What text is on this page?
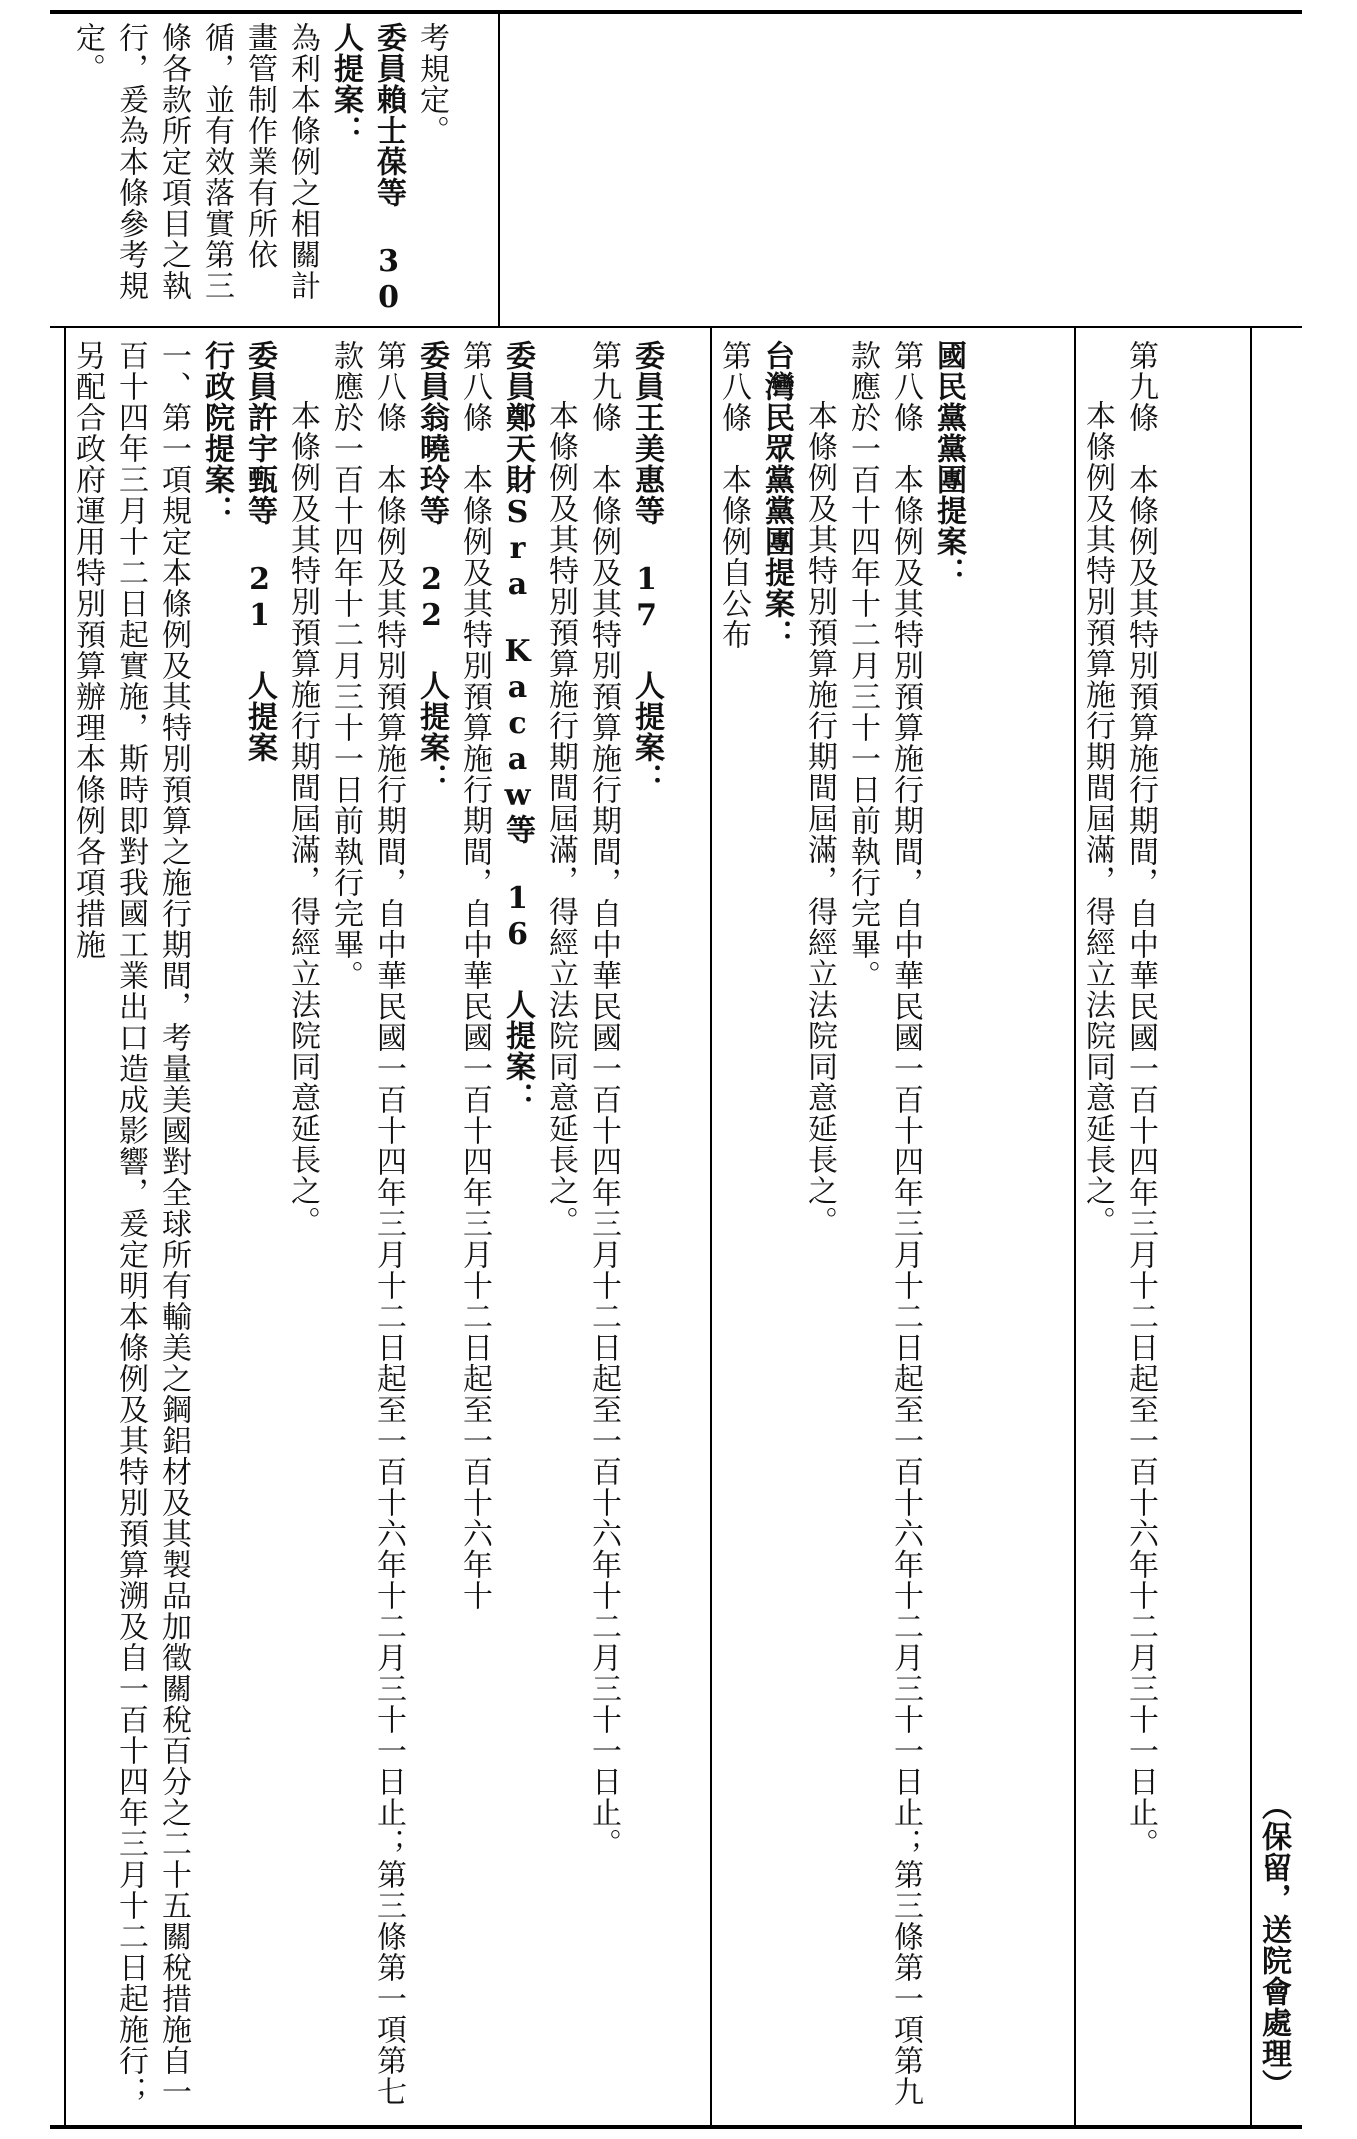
考規定。

委員賴士葆等 30 人提案：

為利本條例之相關計畫管制作業有所依循，並有效落實第三條各款所定項目之執行，爰為本條參考規定。

（保留，送院會處理）

第九條　本條例及其特別預算施行期間，自中華民國一百十四年三月十二日起至一百十六年十二月三十一日止。

本條例及其特別預算施行期間屆滿，得經立法院同意延長之。

國民黨黨團提案：

第八條　本條例及其特別預算施行期間，自中華民國一百十四年三月十二日起至一百十六年十二月三十一日止；第三條第一項第九款應於一百十四年十二月三十一日前執行完畢。

本條例及其特別預算施行期間屆滿，得經立法院同意延長之。

台灣民眾黨黨團提案：

第八條　本條例自公布

委員王美惠等 17 人提案：

第九條　本條例及其特別預算施行期間，自中華民國一百十四年三月十二日起至一百十六年十二月三十一日止。

本條例及其特別預算施行期間屆滿，得經立法院同意延長之。

委員鄭天財Sra　Kacaw等 16 人提案：

第八條　本條例及其特別預算施行期間，自中華民國一百十四年三月十二日起至一百十六年十

委員翁曉玲等 22 人提案：

第八條　本條例及其特別預算施行期間，自中華民國一百十四年三月十二日起至一百十六年十二月三十一日止；第三條第一項第七款應於一百十四年十二月三十一日前執行完畢。

本條例及其特別預算施行期間屆滿，得經立法院同意延長之。

委員許宇甄等 21 人提案

行政院提案：

一、第一項規定本條例及其特別預算之施行期間，考量美國對全球所有輸美之鋼鋁材及其製品加徵關稅百分之二十五關稅措施自一百十四年三月十二日起實施，斯時即對我國工業出口造成影響，爰定明本條例及其特別預算溯及自一百十四年三月十二日起施行；另配合政府運用特別預算辦理本條例各項措施
